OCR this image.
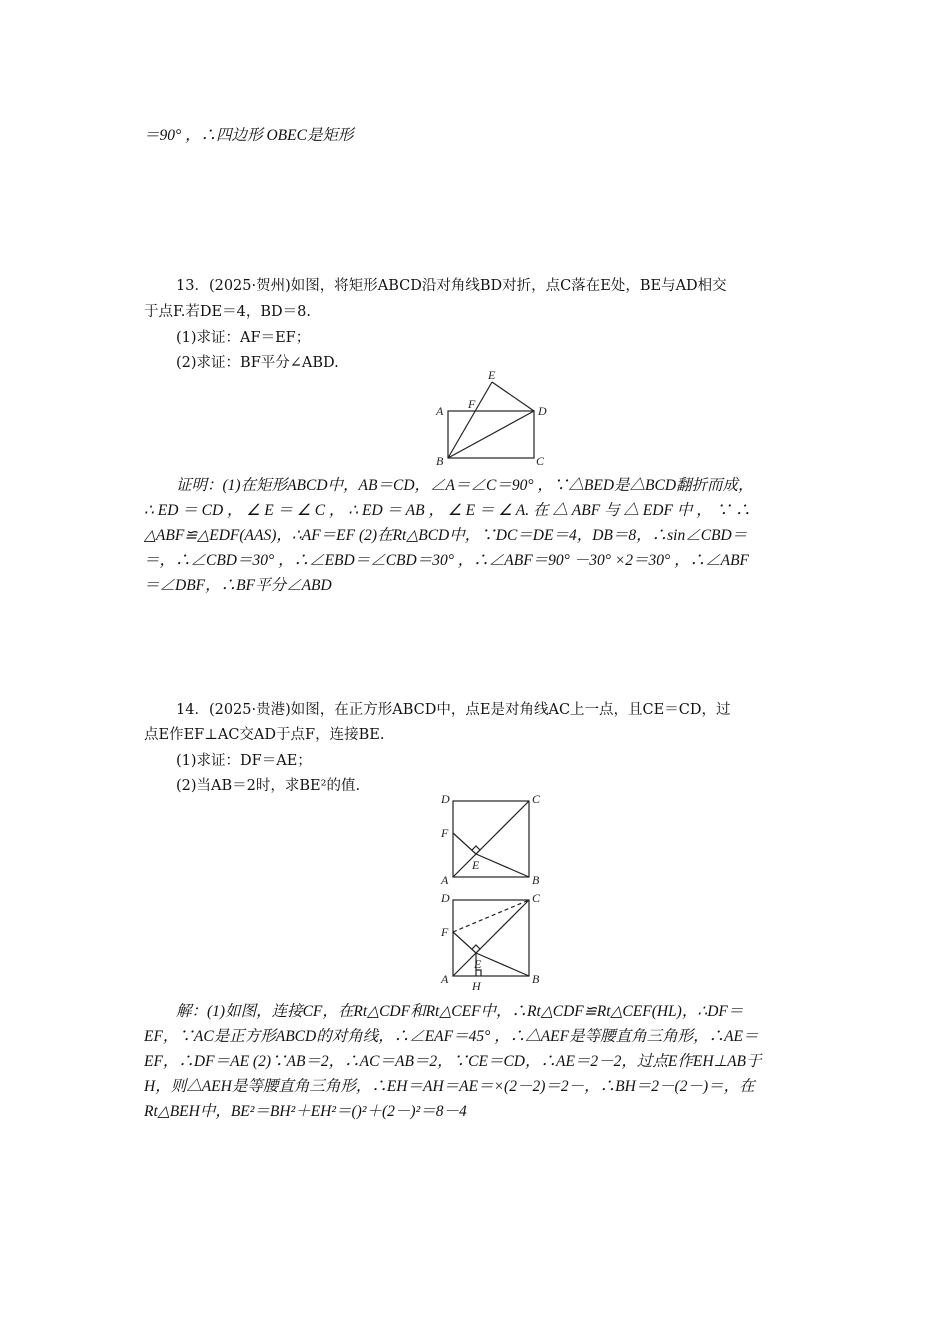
＝90° ，∴四边形 OBEC是矩形
13．(2025·贺州)如图，将矩形ABCD沿对角线BD对折，点C落在E处，BE与AD相交
于点F.若DE＝4，BD＝8.
(1)求证：AF＝EF；
(2)求证：BF平分∠ABD.
E
A F	D
B	C
证明：(1)在矩形ABCD中，AB＝CD，∠A＝∠C＝90° ，∵△BED是△BCD翻折而成，
∴ ED ＝ CD ， ∠ E ＝ ∠ C ， ∴ ED ＝ AB ， ∠ E ＝ ∠ A. 在 △ ABF 与 △ EDF 中 ， ∵ ∴
△ABF≌△EDF(AAS)，∴AF＝EF (2)在Rt△BCD中，∵DC＝DE＝4，DB＝8，∴sin∠CBD＝
＝，∴∠CBD＝30° ，∴∠EBD＝∠CBD＝30° ，∴∠ABF＝90° －30° ×2＝30° ，∴∠ABF
＝∠DBF，∴BF平分∠ABD
14．(2025·贵港)如图，在正方形ABCD中，点E是对角线AC上一点，且CE＝CD，过
点E作EF⊥AC交AD于点F，连接BE.
(1)求证：DF＝AE；
(2)当AB＝2时，求BE²的值.
D	C
F
E
A	B
D	C
F
E
H
A	B
解：(1)如图，连接CF，在Rt△CDF和Rt△CEF中，∴Rt△CDF≌Rt△CEF(HL)，∴DF＝
EF，∵AC是正方形ABCD的对角线，∴∠EAF＝45° ，∴△AEF是等腰直角三角形，∴AE＝
EF，∴DF＝AE (2)∵AB＝2，∴AC＝AB＝2，∵CE＝CD，∴AE＝2－2，过点E作EH⊥AB于
H，则△AEH是等腰直角三角形，∴EH＝AH＝AE＝×(2－2)＝2－，∴BH＝2－(2－)＝，在
Rt△BEH中，BE²＝BH²＋EH²＝()²＋(2－)²＝8－4
